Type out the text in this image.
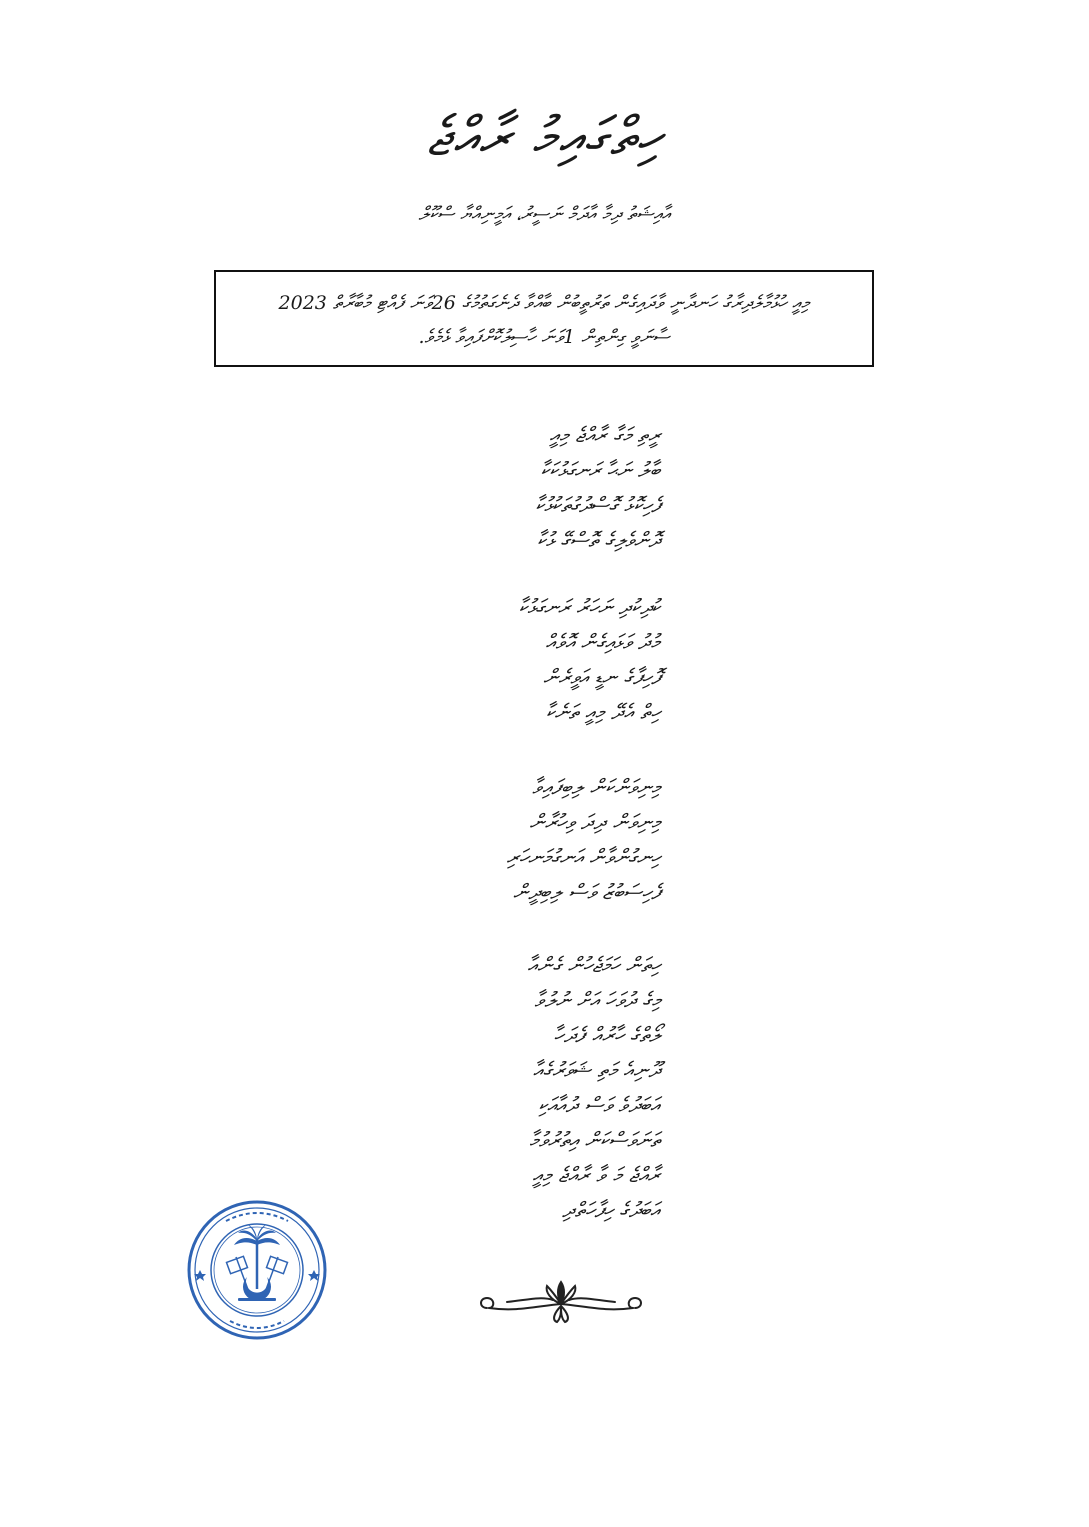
ހިތްގައިމު ރާއްޖެ
އާއިޝަތު ދިމާ އާދަމް ނަސީރު، އަމީނިއްޔާ ސްކޫލް
މިއީ ހުޅުމާލެދިރާގު ހަނދާނީ ވާދައިގެން ތަރުތީބުން ބާއްވާ ދެނެގަތުމުގެ 26ވަނަ ފެއްޓި މުބާރާތް 2023
ސާނަވީ ގިންތިން 1ވަނަ ހާސިލުކޮށްފައިވާ ޅެމެވެ.
ރީތި މަގާ ރާއްޖެ މިއީ
ބާލު ނަޙާ ރަނގަޅުކަކާ
ފެހިކޮޅު ގޮސްދުގުތަކުޅުކާ
ދޮންވެލިގެ ތޮސްގޭ ޅުކާ
ކުދިކުދި ނަހަރު ރަނގަޅުކާ
މުދު ވަޅައިގެން އޮވެއް
ފޮހިފާގެ ނޑީ އަވީރެން
ހިތް އެދޭ މިއީ ތަނެކާ
މިނިވަންކަން ލިބިފައިވާ
މިނިވަން ދިދަ ވިހުރާން
ހިނގުންވާން އަނގުމަނހަރި
ފެހިސަބުޒު ވަސް ލިބިދީން
ހިތަން ހަމަޖެހުން ގެންއާ
މިގެ ދުވަހަ އަށް ނުލުވާ
ލޯތްގެ ހާރުއް ފެދަހާ
ދޫނިއެ މަތި ޝަވަރުގެއާ
އަބަދުވެ ވަސް ދުއާއަކި
ތަނަވަސްކަން އިތުރުވުމާ
ރާއްޖެ މަ ވާ ރާއްޖެ މިއީ
އަބަދުގެ ހިފާހަތްދި
